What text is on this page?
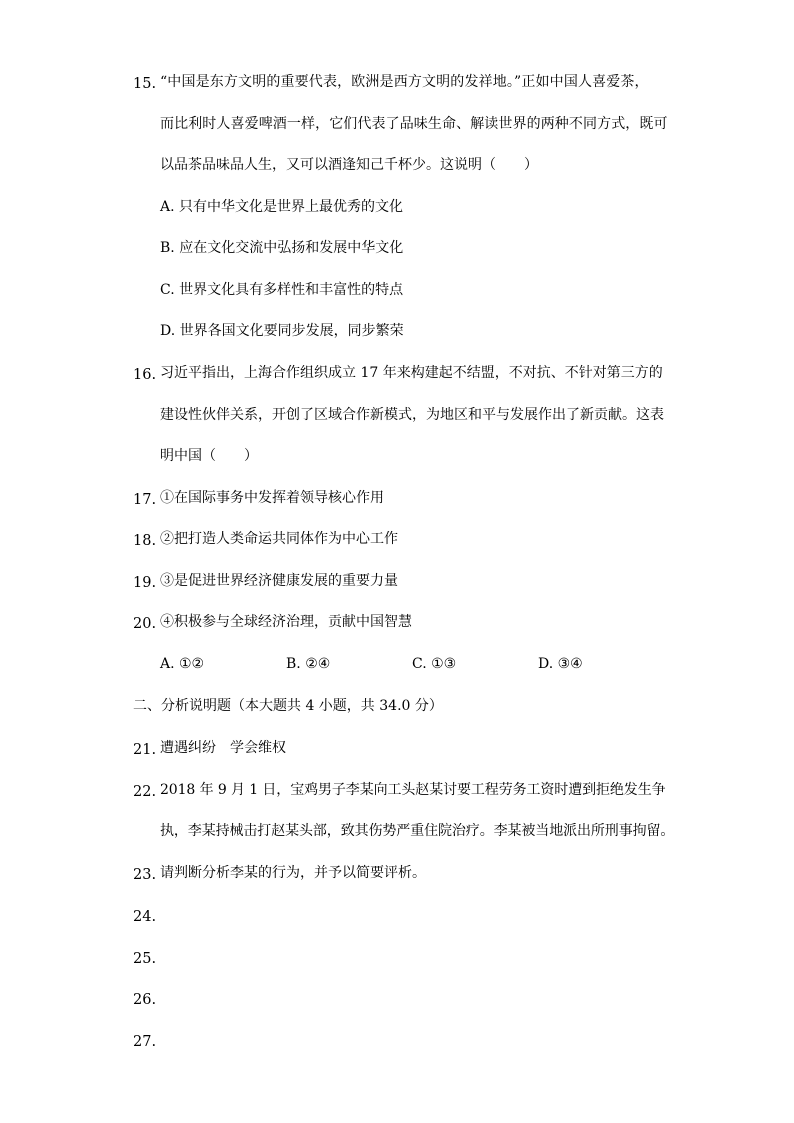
15. “中国是东方文明的重要代表，欧洲是西方文明的发祥地。”正如中国人喜爱茶，
而比利时人喜爱啤酒一样，它们代表了品味生命、解读世界的两种不同方式，既可
以品茶品味品人生，又可以酒逢知己千杯少。这说明（　　）
A. 只有中华文化是世界上最优秀的文化
B. 应在文化交流中弘扬和发展中华文化
C. 世界文化具有多样性和丰富性的特点
D. 世界各国文化要同步发展，同步繁荣
16. 习近平指出，上海合作组织成立 17 年来构建起不结盟，不对抗、不针对第三方的
建设性伙伴关系，开创了区域合作新模式，为地区和平与发展作出了新贡献。这表
明中国（　　）
17. ①在国际事务中发挥着领导核心作用
18. ②把打造人类命运共同体作为中心工作
19. ③是促进世界经济健康发展的重要力量
20. ④积极参与全球经济治理，贡献中国智慧
A. ①②	B. ②④	C. ①③	D. ③④
二、分析说明题（本大题共 4 小题，共 34.0 分）
21. 遭遇纠纷　学会维权
22. 2018 年 9 月 1 日，宝鸡男子李某向工头赵某讨要工程劳务工资时遭到拒绝发生争
执，李某持械击打赵某头部，致其伤势严重住院治疗。李某被当地派出所刑事拘留。
23. 请判断分析李某的行为，并予以简要评析。
24.
25.
26.
27.
